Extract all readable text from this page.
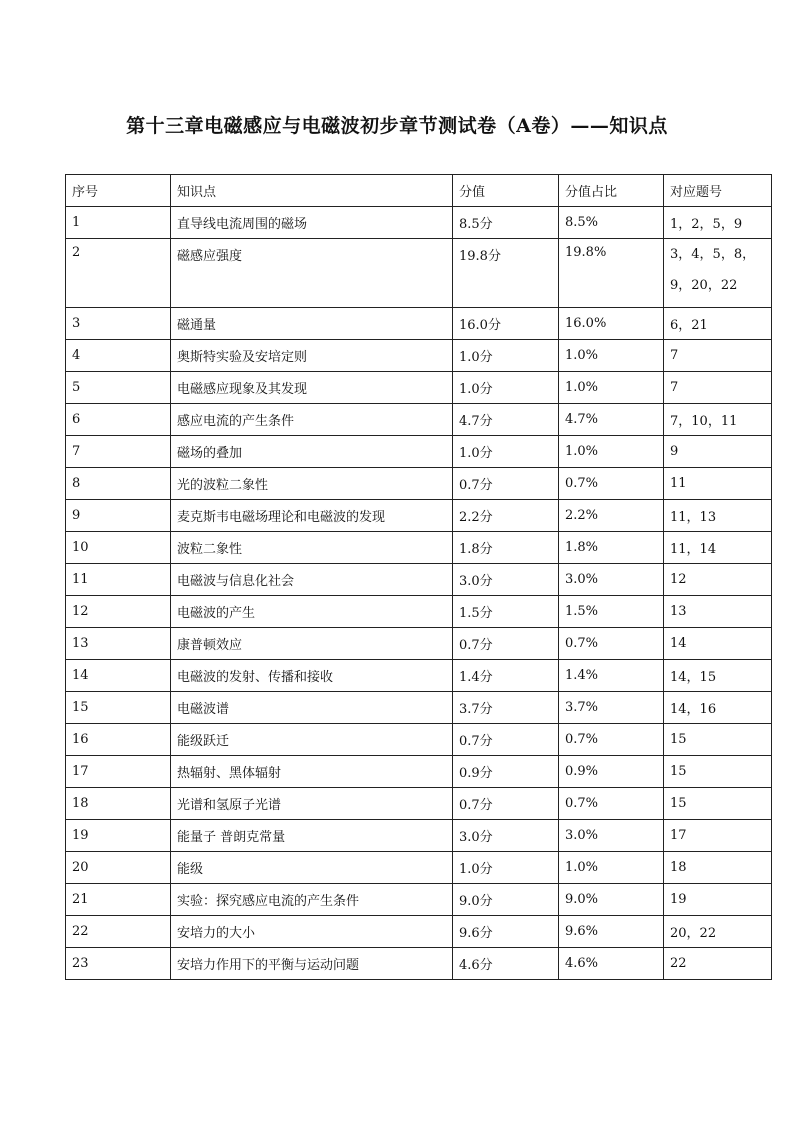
第十三章电磁感应与电磁波初步章节测试卷（A卷）——知识点
序号	知识点	分值	分值占比	对应题号
1	直导线电流周围的磁场	8.5分	8.5%	1，2，5，9
2	磁感应强度	19.8分	19.8%	3，4，5，8，9，20，22
3	磁通量	16.0分	16.0%	6，21
4	奥斯特实验及安培定则	1.0分	1.0%	7
5	电磁感应现象及其发现	1.0分	1.0%	7
6	感应电流的产生条件	4.7分	4.7%	7，10，11
7	磁场的叠加	1.0分	1.0%	9
8	光的波粒二象性	0.7分	0.7%	11
9	麦克斯韦电磁场理论和电磁波的发现	2.2分	2.2%	11，13
10	波粒二象性	1.8分	1.8%	11，14
11	电磁波与信息化社会	3.0分	3.0%	12
12	电磁波的产生	1.5分	1.5%	13
13	康普顿效应	0.7分	0.7%	14
14	电磁波的发射、传播和接收	1.4分	1.4%	14，15
15	电磁波谱	3.7分	3.7%	14，16
16	能级跃迁	0.7分	0.7%	15
17	热辐射、黑体辐射	0.9分	0.9%	15
18	光谱和氢原子光谱	0.7分	0.7%	15
19	能量子 普朗克常量	3.0分	3.0%	17
20	能级	1.0分	1.0%	18
21	实验：探究感应电流的产生条件	9.0分	9.0%	19
22	安培力的大小	9.6分	9.6%	20，22
23	安培力作用下的平衡与运动问题	4.6分	4.6%	22
